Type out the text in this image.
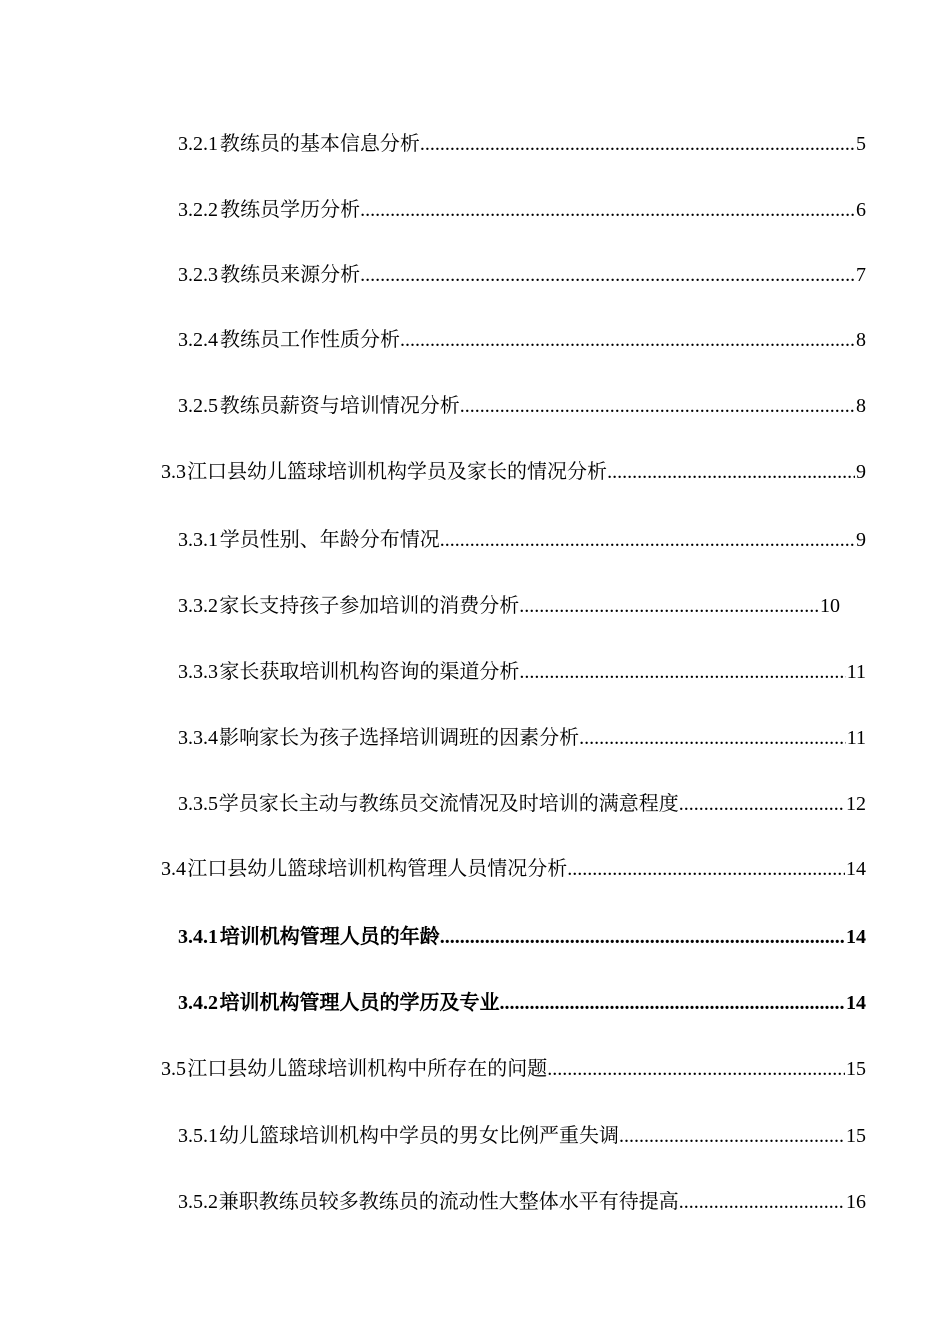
3.2.1 教练员的基本信息分析 .....	5
3.2.2 教练员学历分析 .....	6
3.2.3 教练员来源分析 .....	7
3.2.4 教练员工作性质分析 .....	8
3.2.5 教练员薪资与培训情况分析 .....	8
3.3 江口县幼儿篮球培训机构学员及家长的情况分析 .....	9
3.3.1 学员性别、年龄分布情况 .....	9
3.3.2 家长支持孩子参加培训的消费分析 .....	10
3.3.3 家长获取培训机构咨询的渠道分析 .....	11
3.3.4 影响家长为孩子选择培训调班的因素分析 .....	11
3.3.5 学员家长主动与教练员交流情况及时培训的满意程度 .....	12
3.4 江口县幼儿篮球培训机构管理人员情况分析 .....	14
3.4.1 培训机构管理人员的年龄 .....	14
3.4.2 培训机构管理人员的学历及专业 .....	14
3.5 江口县幼儿篮球培训机构中所存在的问题 .....	15
3.5.1 幼儿篮球培训机构中学员的男女比例严重失调 .....	15
3.5.2 兼职教练员较多教练员的流动性大整体水平有待提高 .....	16
